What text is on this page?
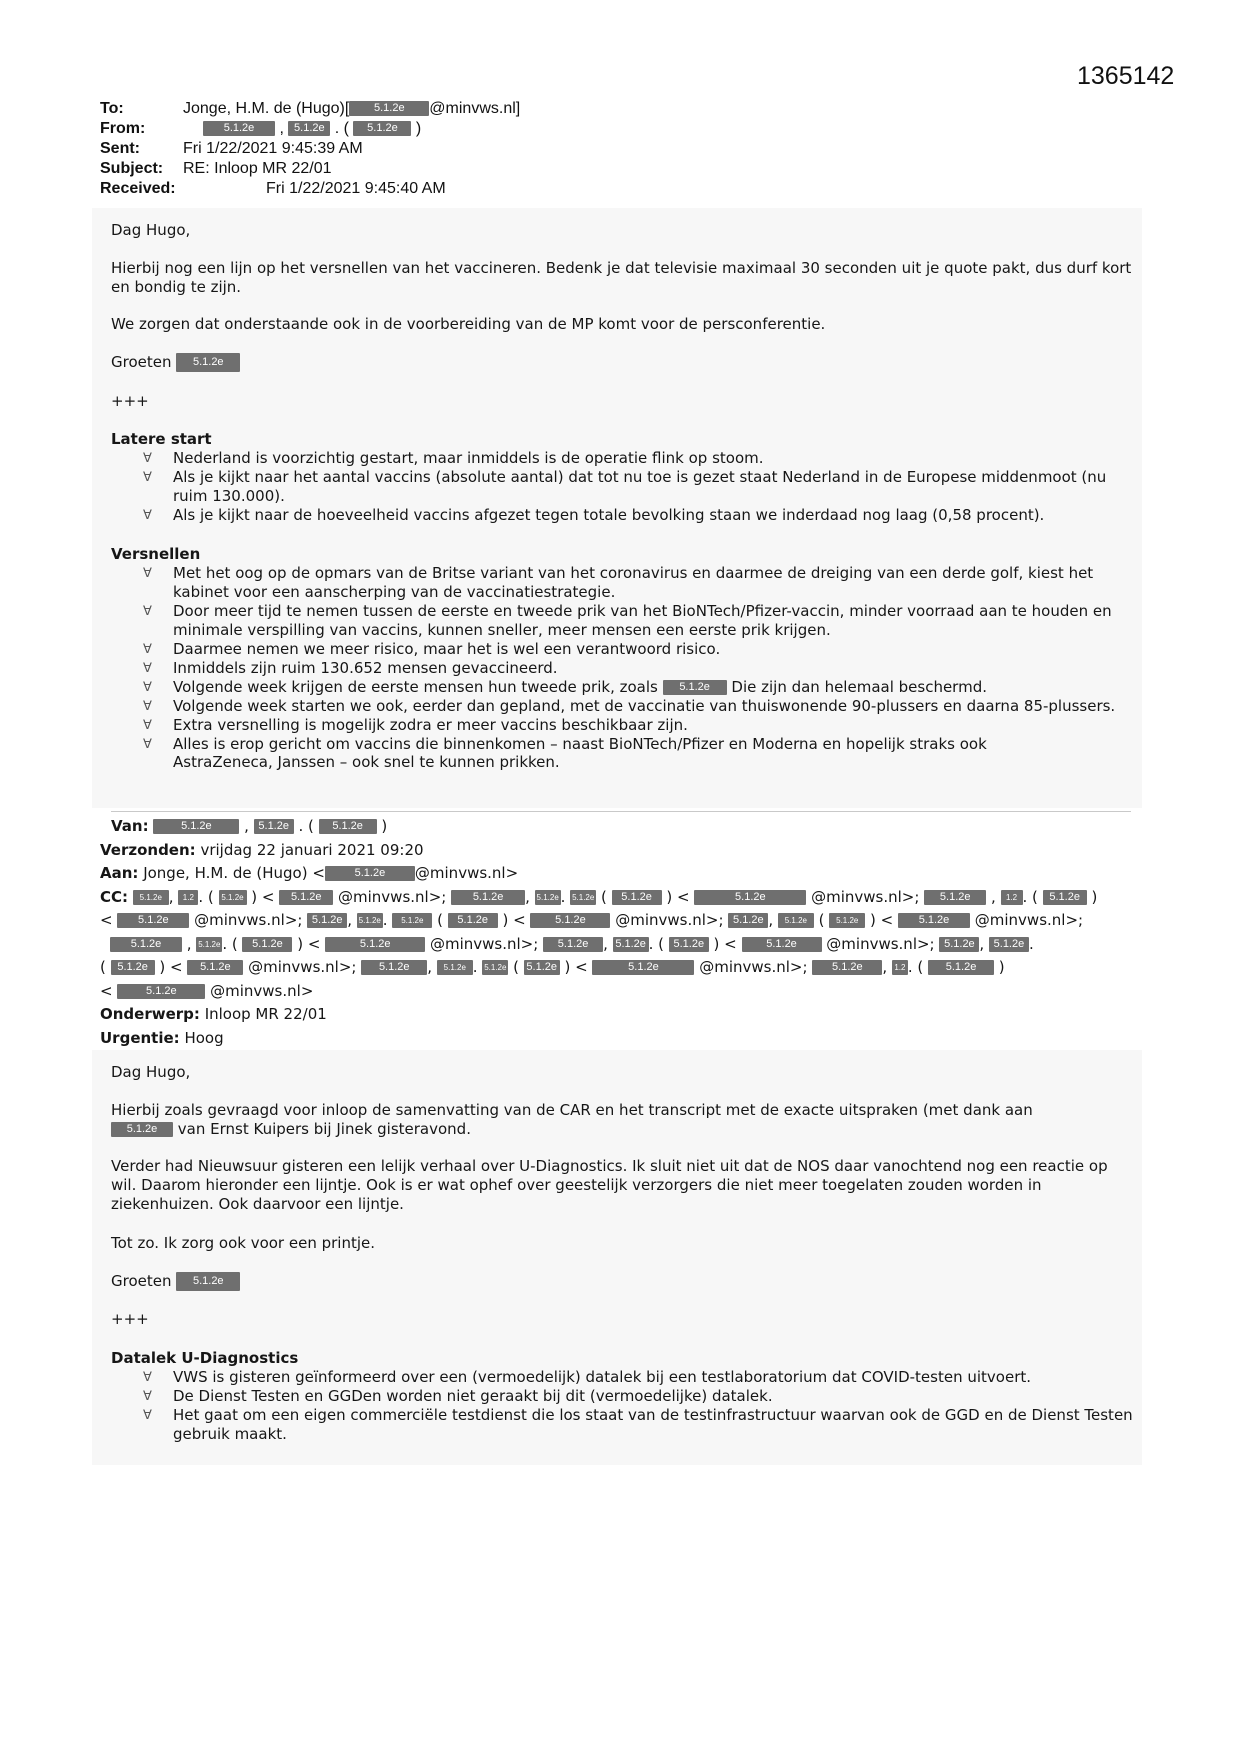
1365142
To:	Jonge, H.M. de (Hugo)[ 5.1.2e @minvws.nl]
From:	5.1.2e , 5.1.2e . ( 5.1.2e )
Sent:	Fri 1/22/2021 9:45:39 AM
Subject:	RE: Inloop MR 22/01
Received:	Fri 1/22/2021 9:45:40 AM
Dag Hugo,
Hierbij nog een lijn op het versnellen van het vaccineren. Bedenk je dat televisie maximaal 30 seconden uit je quote pakt, dus durf kort en bondig te zijn.
We zorgen dat onderstaande ook in de voorbereiding van de MP komt voor de persconferentie.
Groeten 5.1.2e
+++

Latere start

∀ Nederland is voorzichtig gestart, maar inmiddels is de operatie flink op stoom.

∀ Als je kijkt naar het aantal vaccins (absolute aantal) dat tot nu toe is gezet staat Nederland in de Europese middenmoot (nu ruim 130.000).

∀ Als je kijkt naar de hoeveelheid vaccins afgezet tegen totale bevolking staan we inderdaad nog laag (0,58 procent).

Versnellen

∀ Met het oog op de opmars van de Britse variant van het coronavirus en daarmee de dreiging van een derde golf, kiest het kabinet voor een aanscherping van de vaccinatiestrategie.

∀ Door meer tijd te nemen tussen de eerste en tweede prik van het BioNTech/Pfizer-vaccin, minder voorraad aan te houden en minimale verspilling van vaccins, kunnen sneller, meer mensen een eerste prik krijgen.

∀ Daarmee nemen we meer risico, maar het is wel een verantwoord risico.

∀ Inmiddels zijn ruim 130.652 mensen gevaccineerd.

∀ Volgende week krijgen de eerste mensen hun tweede prik, zoals 5.1.2e Die zijn dan helemaal beschermd.

∀ Volgende week starten we ook, eerder dan gepland, met de vaccinatie van thuiswonende 90-plussers en daarna 85-plussers.

∀ Extra versnelling is mogelijk zodra er meer vaccins beschikbaar zijn.

∀ Alles is erop gericht om vaccins die binnenkomen – naast BioNTech/Pfizer en Moderna en hopelijk straks ook

AstraZeneca, Janssen – ook snel te kunnen prikken.

Van:	5.1.2e , 5.1.2e . ( 5.1.2e )
Verzonden: vrijdag 22 januari 2021 09:20
Aan: Jonge, H.M. de (Hugo) <	5.1.2e @minvws.nl>
CC: 5.1.2e , 1.2 . ( 5.1.2e ) < 5.1.2e @minvws.nl>; 5.1.2e , 5.1.2e . 5.1.2e ( 5.1.2e ) <	5.1.2e	@minvws.nl>; 5.1.2e , 1.2 . ( 5.1.2e )
< 5.1.2e @minvws.nl>; 5.1.2e , 5.1.2e . 5.1.2e ( 5.1.2e ) < 5.1.2e @minvws.nl>; 5.1.2e , 5.1.2e ( 5.1.2e ) < 5.1.2e @minvws.nl>;
5.1.2e , 5.1.2e . ( 5.1.2e ) <	5.1.2e	@minvws.nl>; 5.1.2e , 5.1.2e . ( 5.1.2e ) < 5.1.2e @minvws.nl>; 5.1.2e , 5.1.2e .
( 5.1.2e ) < 5.1.2e @minvws.nl>; 5.1.2e , 5.1.2e . 5.1.2e ( 5.1.2e ) <	5.1.2e	@minvws.nl>; 5.1.2e , 1.2 . ( 5.1.2e )
<	5.1.2e @minvws.nl>
Onderwerp: Inloop MR 22/01
Urgentie: Hoog
Dag Hugo,
Hierbij zoals gevraagd voor inloop de samenvatting van de CAR en het transcript met de exacte uitspraken (met dank aan
5.1.2e van Ernst Kuipers bij Jinek gisteravond.
Verder had Nieuwsuur gisteren een lelijk verhaal over U-Diagnostics. Ik sluit niet uit dat de NOS daar vanochtend nog een reactie op wil. Daarom hieronder een lijntje. Ook is er wat ophef over geestelijk verzorgers die niet meer toegelaten zouden worden in ziekenhuizen. Ook daarvoor een lijntje.
Tot zo. Ik zorg ook voor een printje.
Groeten 5.1.2e
+++

Datalek U-Diagnostics

∀ VWS is gisteren geïnformeerd over een (vermoedelijk) datalek bij een testlaboratorium dat COVID-testen uitvoert.

∀ De Dienst Testen en GGDen worden niet geraakt bij dit (vermoedelijke) datalek.

∀ Het gaat om een eigen commerciële testdienst die los staat van de testinfrastructuur waarvan ook de GGD en de Dienst Testen gebruik maakt.
